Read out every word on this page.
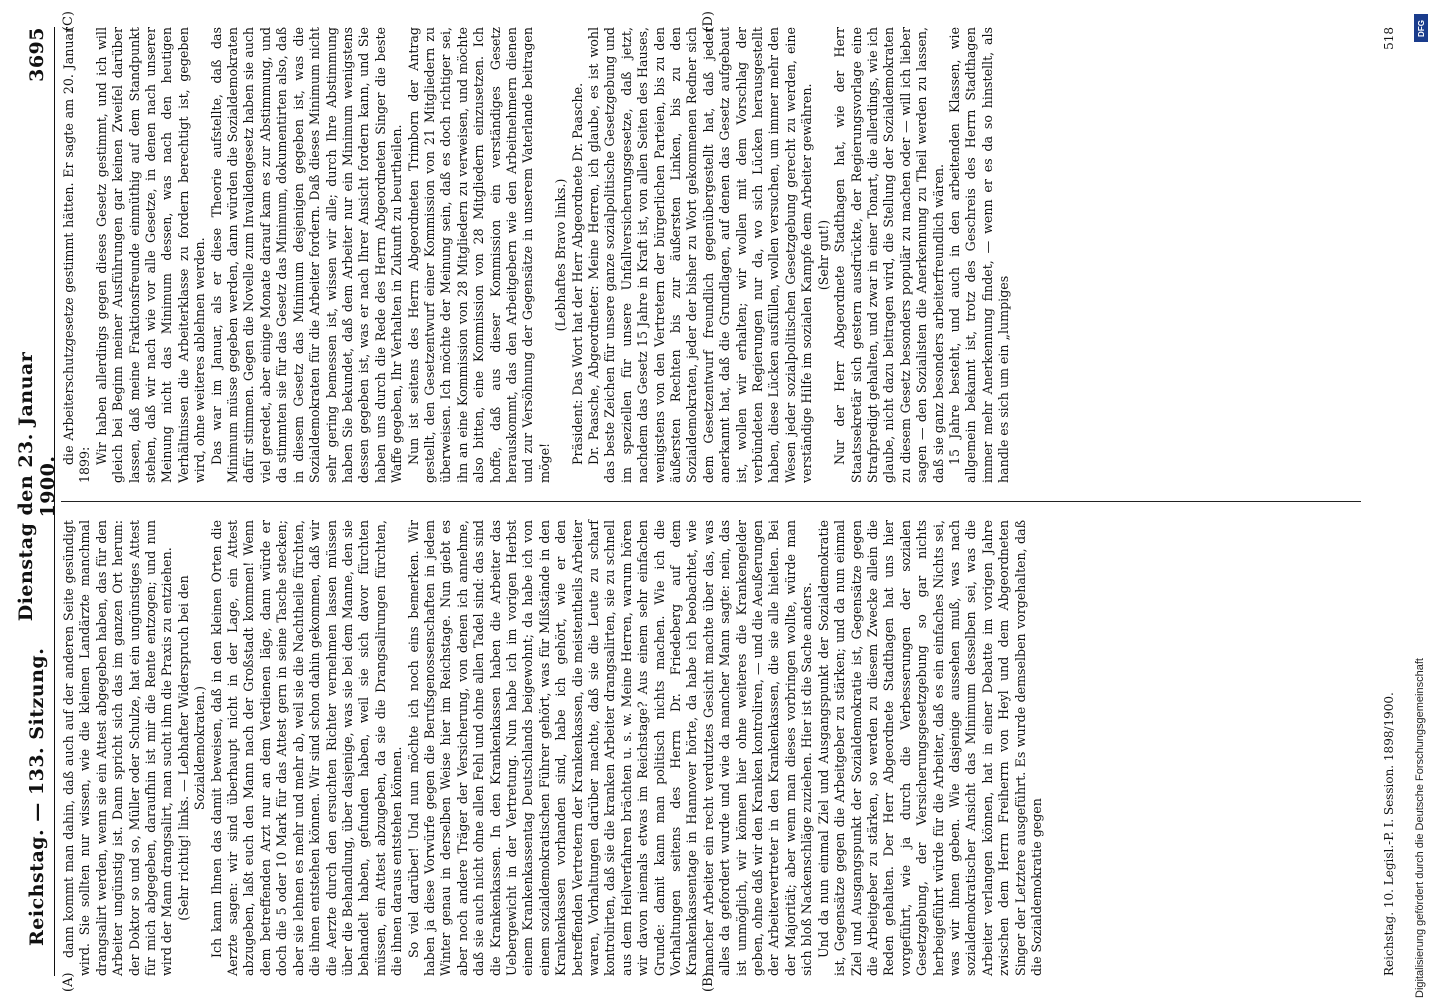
Reichstag. — 133. Sitzung.
Dienstag den 23. Januar 1900.
3695

dann kommt man dahin, daß auch auf der anderen Seite gesündigt wird. Sie sollten nur wissen, wie die kleinen Landärzte manchmal drangsalirt werden, wenn sie ein Attest abgegeben haben, das für den Arbeiter ungünstig ist. Dann spricht sich das im ganzen Ort herum: der Doktor so und so, Müller oder Schulze, hat ein ungünstiges Attest für mich abgegeben, daraufhin ist mir die Rente entzogen; und nun wird der Mann drangsalirt, man sucht ihm die Praxis zu entziehen. (Sehr richtig! links. — Lebhafter Widerspruch bei den Sozialdemokraten.) Ich kann Ihnen das damit beweisen, daß in den kleinen Orten die Aerzte sagen: wir sind überhaupt nicht in der Lage, ein Attest abzugeben, laßt euch den Mann nach der Großstadt kommen! Wenn dem betreffenden Arzt nur an dem Verdienen läge, dann würde er doch die 5 oder 10 Mark für das Attest gern in seine Tasche stecken; aber sie lehnen es mehr und mehr ab, weil sie die Nachtheile fürchten, die ihnen entstehen können. Wir sind schon dahin gekommen, daß wir die Aerzte durch den ersuchten Richter vernehmen lassen müssen über die Behandlung, über dasjenige, was sie bei dem Manne, den sie behandelt haben, gefunden haben, weil sie sich davor fürchten müssen, ein Attest abzugeben, da sie die Drangsalirungen fürchten, die ihnen daraus entstehen können. So viel darüber! Und nun möchte ich noch eins bemerken. Wir haben ja diese Vorwürfe gegen die Berufsgenossenschaften in jedem Winter genau in derselben Weise hier im Reichstage. Nun giebt es aber noch andere Träger der Versicherung, von denen ich annehme, daß sie auch nicht ohne allen Fehl und ohne allen Tadel sind: das sind die Krankenkassen. In den Krankenkassen haben die Arbeiter das Uebergewicht in der Vertretung. Nun habe ich im vorigen Herbst einem Krankenkassentag Deutschlands beigewohnt; da habe ich von einem sozialdemokratischen Führer gehört, was für Mißstände in den Krankenkassen vorhanden sind, habe ich gehört, wie er den betreffenden Vertretern der Krankenkassen, die meistentheils Arbeiter waren, Vorhaltungen darüber machte, daß sie die Leute zu scharf kontrolirten, daß sie die kranken Arbeiter drangsalirten, sie zu schnell aus dem Heilverfahren brächten u. s. w. Meine Herren, warum hören wir davon niemals etwas im Reichstage? Aus einem sehr einfachen Grunde: damit kann man politisch nichts machen. Wie ich die Vorhaltungen seitens des Herrn Dr. Friedeberg auf dem Krankenkassentage in Hannover hörte, da habe ich beobachtet, wie mancher Arbeiter ein recht verdutztes Gesicht machte über das, was alles da gefordert wurde und wie da mancher Mann sagte: nein, das ist unmöglich, wir können hier ohne weiteres die Krankengelder geben, ohne daß wir den Kranken kontroliren, — und die Aeußerungen der Arbeitervertreter in den Krankenkassen, die sie alle hielten. Bei der Majorität; aber wenn man dieses vorbringen wollte, würde man sich bloß Nackenschläge zuziehen. Hier ist die Sache anders. Und da nun einmal Ziel und Ausgangspunkt der Sozialdemokratie ist, Gegensätze gegen die Arbeitgeber zu stärken; und da nun einmal Ziel und Ausgangspunkt der Sozialdemokratie ist, Gegensätze gegen die Arbeitgeber zu stärken, so werden zu diesem Zwecke allein die Reden gehalten. Der Herr Abgeordnete Stadthagen hat uns hier vorgeführt, wie ja durch die Verbesserungen der sozialen Gesetzgebung, der Versicherungsgesetzgebung so gar nichts herbeigeführt würde für die Arbeiter, daß es ein einfaches Nichts sei, was wir ihnen geben. Wie dasjenige aussehen muß, was nach sozialdemokratischer Ansicht das Minimum desselben sei, was die Arbeiter verlangen können, hat in einer Debatte im vorigen Jahre zwischen dem Herrn Freiherrn von Heyl und dem Abgeordneten Singer der Letztere ausgeführt. Es wurde demselben vorgehalten, daß die Sozialdemokratie gegen

die Arbeiterschutzgesetze gestimmt hätten. Er sagte am 20. Januar 1899: Wir haben allerdings gegen dieses Gesetz gestimmt, und ich will gleich bei Beginn meiner Ausführungen gar keinen Zweifel darüber lassen, daß meine Fraktionsfreunde einmüthig auf dem Standpunkt stehen, daß wir nach wie vor alle Gesetze, in denen nach unserer Meinung nicht das Minimum dessen, was nach den heutigen Verhältnissen die Arbeiterklasse zu fordern berechtigt ist, gegeben wird, ohne weiteres ablehnen werden. Das war im Januar, als er diese Theorie aufstellte, daß das Minimum müsse gegeben werden, dann würden die Sozialdemokraten dafür stimmen. Gegen die Novelle zum Invalidengesetz haben sie auch viel geredet, aber einige Monate darauf kam es zur Abstimmung, und da stimmten sie für das Gesetz das Minimum, dokumentirten also, daß in diesem Gesetz das Minimum desjenigen gegeben ist, was die Sozialdemokraten für die Arbeiter fordern. Daß dieses Minimum nicht sehr gering bemessen ist, wissen wir alle; durch Ihre Abstimmung haben Sie bekundet, daß dem Arbeiter nur ein Minimum wenigstens dessen gegeben ist, was er nach Ihrer Ansicht fordern kann, und Sie haben uns durch die Rede des Herrn Abgeordneten Singer die beste Waffe gegeben, Ihr Verhalten in Zukunft zu beurtheilen. Nun ist seitens des Herrn Abgeordneten Trimborn der Antrag gestellt, den Gesetzentwurf einer Kommission von 21 Mitgliedern zu überweisen. Ich möchte der Meinung sein, daß es doch richtiger sei, ihn an eine Kommission von 28 Mitgliedern zu verweisen, und möchte also bitten, eine Kommission von 28 Mitgliedern einzusetzen. Ich hoffe, daß aus dieser Kommission ein verständiges Gesetz herauskommt, das den Arbeitgebern wie den Arbeitnehmern dienen und zur Versöhnung der Gegensätze in unserem Vaterlande beitragen möge!

(Lebhaftes Bravo links.) Präsident: Das Wort hat der Herr Abgeordnete Dr. Paasche. Dr. Paasche, Abgeordneter: Meine Herren, ich glaube, es ist wohl das beste Zeichen für unsere ganze sozialpolitische Gesetzgebung und im speziellen für unsere Unfallversicherungsgesetze, daß jetzt, nachdem das Gesetz 15 Jahre in Kraft ist, von allen Seiten des Hauses, wenigstens von den Vertretern der bürgerlichen Parteien, bis zu den äußersten Rechten bis zur äußersten Linken, bis zu den Sozialdemokraten, jeder der bisher zu Wort gekommenen Redner sich dem Gesetzentwurf freundlich gegenübergestellt hat, daß jeder anerkannt hat, daß die Grundlagen, auf denen das Gesetz aufgebaut ist, wollen wir erhalten; wir wollen mit dem Vorschlag der verbündeten Regierungen nur da, wo sich Lücken herausgestellt haben, diese Lücken ausfüllen, wollen versuchen, um immer mehr den Wesen jeder sozialpolitischen Gesetzgebung gerecht zu werden, eine verständige Hilfe im sozialen Kampfe dem Arbeiter gewähren. (Sehr gut!) Nur der Herr Abgeordnete Stadthagen hat, wie der Herr Staatssekretär sich gestern ausdrückte, der Regierungsvorlage eine Strafpredigt gehalten, und zwar in einer Tonart, die allerdings, wie ich glaube, nicht dazu beitragen wird, die Stellung der Sozialdemokraten zu diesem Gesetz besonders populär zu machen oder — will ich lieber sagen — den Sozialisten die Anerkennung zu Theil werden zu lassen, daß sie ganz besonders arbeiterfreundlich wären. 15 Jahre besteht, und auch in den arbeitenden Klassen, wie allgemein bekannt ist, trotz des Geschreis des Herrn Stadthagen immer mehr Anerkennung findet, — wenn er es da so hinstellt, als handle es sich um ein „lumpiges

(A)	(B)
(C)	(D)
Reichstag. 10. Legisl.-P. I. Session. 1898/1900.
518	DFG
Digitalisierung gefördert durch die Deutsche Forschungsgemeinschaft
